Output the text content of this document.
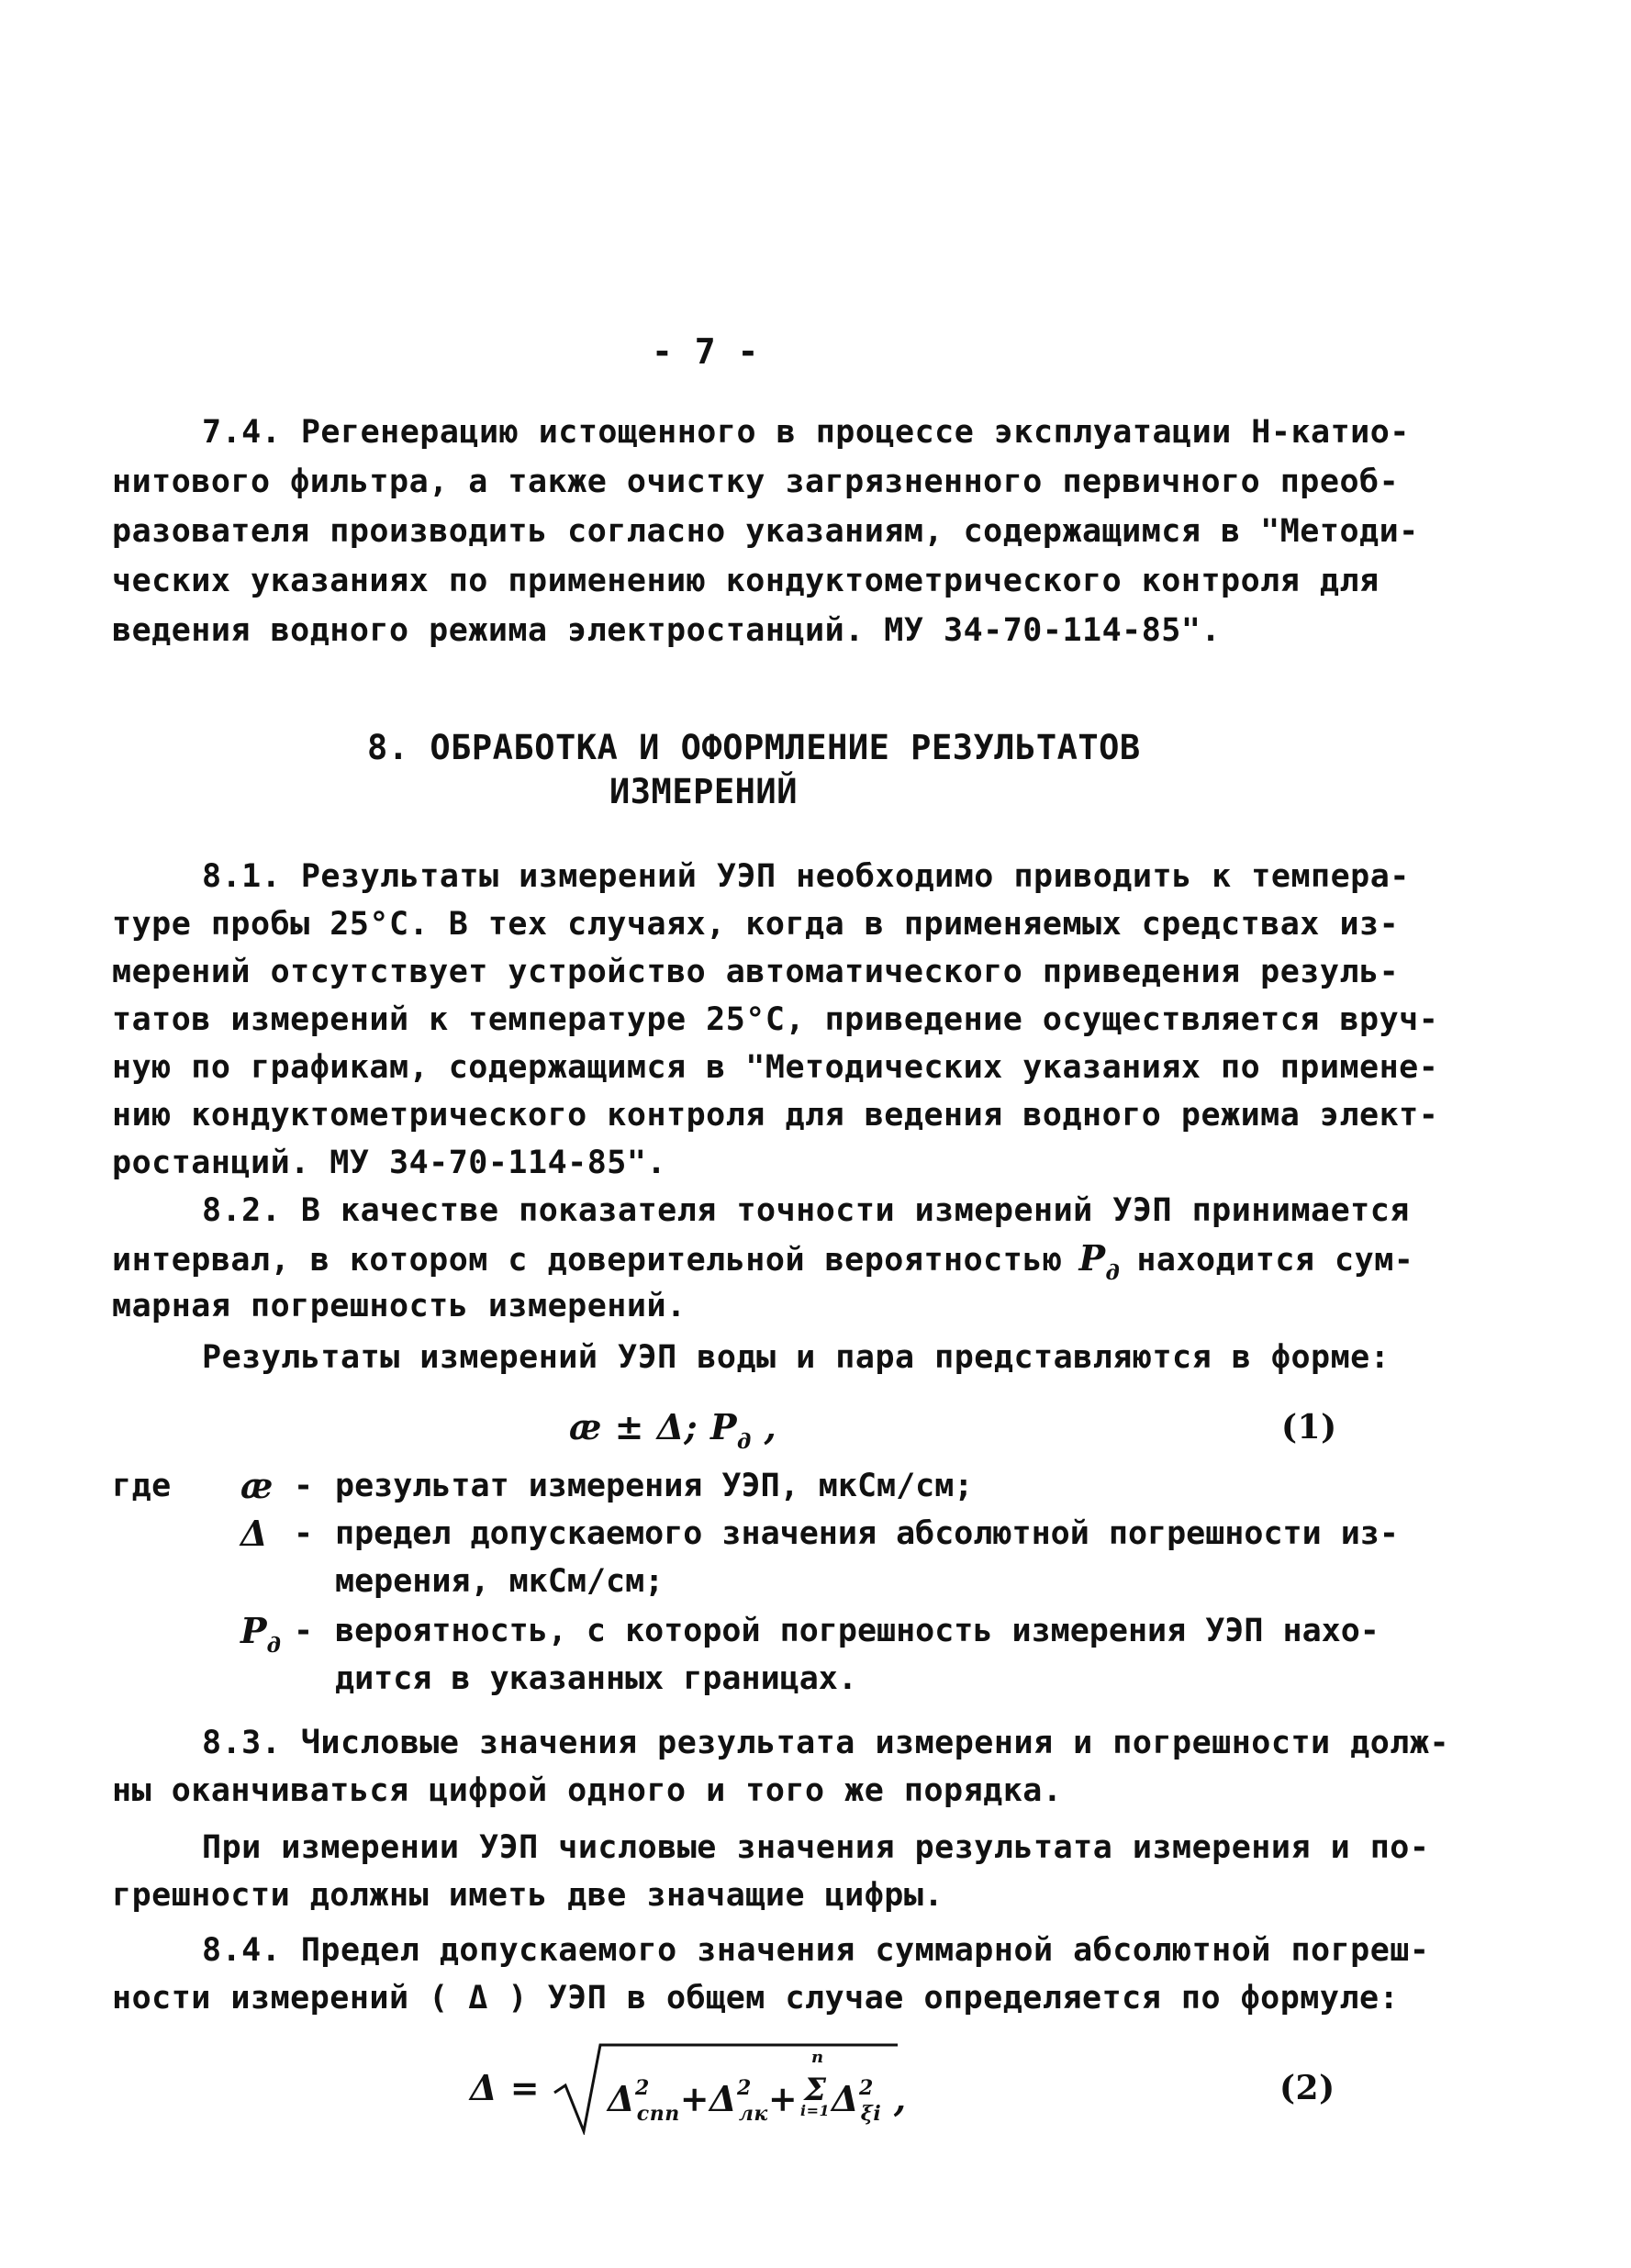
- 7 -
7.4. Регенерацию истощенного в процессе эксплуатации Н-катио-
нитового фильтра, а также очистку загрязненного первичного преоб-
разователя производить согласно указаниям, содержащимся в "Методи-
ческих указаниях по применению кондуктометрического контроля для
ведения водного режима электростанций. МУ 34-70-114-85".
8. ОБРАБОТКА И ОФОРМЛЕНИЕ РЕЗУЛЬТАТОВ
ИЗМЕРЕНИЙ
8.1. Результаты измерений УЭП необходимо приводить к темпера-
туре пробы 25°С. В тех случаях, когда в применяемых средствах из-
мерений отсутствует устройство автоматического приведения резуль-
татов измерений к температуре 25°С, приведение осуществляется вруч-
ную по графикам, содержащимся в "Методических указаниях по примене-
нию кондуктометрического контроля для ведения водного режима элект-
ростанций. МУ 34-70-114-85".
8.2. В качестве показателя точности измерений УЭП принимается
интервал, в котором с доверительной вероятностью $P_д$ находится сум-
марная погрешность измерений.
Результаты измерений УЭП воды и пара представляются в форме:
æ ± Δ; $P_д$ ,	(1)
где æ - результат измерения УЭП, мкСм/см;
Δ - предел допускаемого значения абсолютной погрешности из-
мерения, мкСм/см;
$P_д$ - вероятность, с которой погрешность измерения УЭП нахо-
дится в указанных границах.
8.3. Числовые значения результата измерения и погрешности долж-
ны оканчиваться цифрой одного и того же порядка.
При измерении УЭП числовые значения результата измерения и по-
грешности должны иметь две значащие цифры.
8.4. Предел допускаемого значения суммарной абсолютной погреш-
ности измерений ( Δ ) УЭП в общем случае определяется по формуле:
$\Delta = \Delta^2_{спп}+\Delta^2_{лк}+$
n
Σ
i=1 $\Delta^2_{\xi i}$ ,	(2)
